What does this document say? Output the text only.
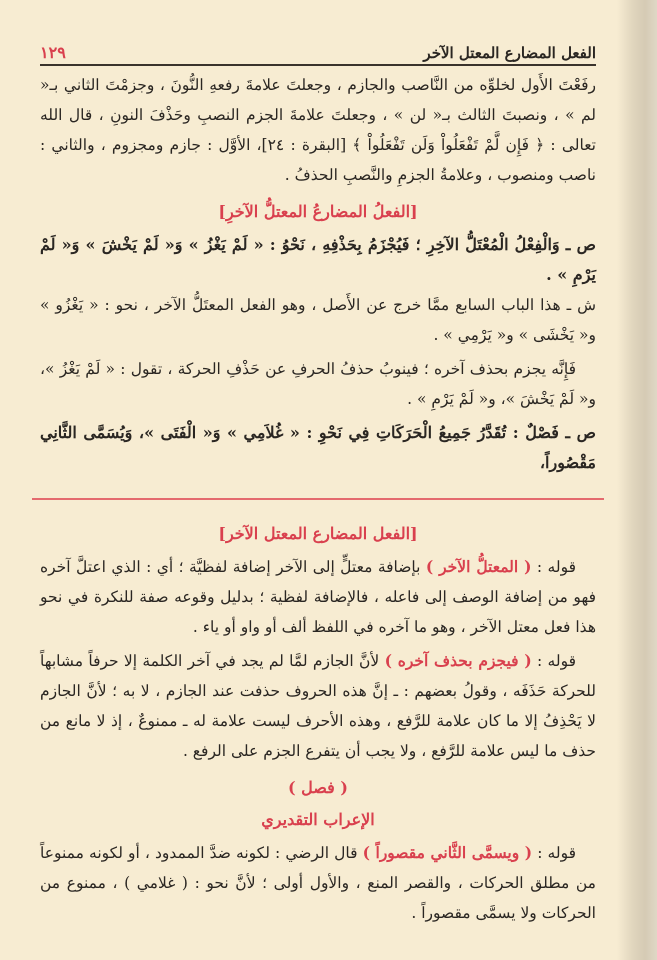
الفعل المضارع المعتل الآخر
١٢٩

رفَعْتَ الأَول لخلوِّه من النَّاصب والجازم ، وجعلتَ علامةَ رفعهِ النُّونَ ، وجزمْتَ الثاني بـ« لم » ، ونصبتَ الثالث بـ« لن » ، وجعلتَ علامةَ الجزم النصبِ وحَذْفَ النونِ ، قال الله تعالى : ﴿ فَإِن لَّمْ تَفْعَلُواْ وَلَن تَفْعَلُواْ ﴾ [البقرة : ٢٤]، الأوَّل : جازم ومجزوم ، والثاني : ناصب ومنصوب ، وعلامةُ الجزمِ والنَّصبِ الحذفُ .

[الفعلُ المضارعُ المعتلُّ الآخرِ]

ص ـ وَالْفِعْلُ الْمُعْتَلُّ الآخِرِ ؛ فَيُجْزَمُ بِحَذْفِهِ ، نَحْوُ : « لَمْ يَغْزُ » وَ« لَمْ يَخْشَ » وَ« لَمْ يَرْمِ » .

ش ـ هذا الباب السابع ممَّا خرج عن الأَصل ، وهو الفعل المعتَلُّ الآخر ، نحو : « يَغْزُو » و« يَخْشَى » و« يَرْمِي » .

فَإِنَّه يجزم بحذف آخره ؛ فينوبُ حذفُ الحرفِ عن حَذْفِ الحركة ، تقول : « لَمْ يَغْزُ »، و« لَمْ يَخْشَ »، و« لَمْ يَرْمِ » .

ص ـ فَصْلٌ : تُقَدَّرُ جَمِيعُ الْحَرَكَاتِ فِي نَحْوِ : « غُلاَمِي » وَ« الْفَتَى »، وَيُسَمَّى الثَّانِي مَقْصُوراً،

[الفعل المضارع المعتل الآخر]

قوله : ( المعتلُّ الآخر ) بإضافة معتلٍّ إلى الآخر إضافة لفظيَّة ؛ أي : الذي اعتلَّ آخره فهو من إضافة الوصف إلى فاعله ، فالإضافة لفظية ؛ بدليل وقوعه صفة للنكرة في نحو هذا فعل معتل الآخر ، وهو ما آخره في اللفظ ألف أو واو أو ياء .

قوله : ( فيجزم بحذف آخره ) لأنَّ الجازم لمَّا لم يجد في آخر الكلمة إلا حرفاً مشابهاً للحركة حَذَفَه ، وقولُ بعضهم : ـ إنَّ هذه الحروف حذفت عند الجازم ، لا به ؛ لأنَّ الجازم لا يَحْذِفُ إلا ما كان علامة للرَّفع ، وهذه الأحرف ليست علامة له ـ ممنوعٌ ، إذ لا مانع من حذف ما ليس علامة للرَّفع ، ولا يجب أن يتفرع الجزم على الرفع .

( فصل )
الإعراب التقديري

قوله : ( ويسمَّى الثَّاني مقصوراً ) قال الرضي : لكونه ضدَّ الممدود ، أو لكونه ممنوعاً من مطلق الحركات ، والقصر المنع ، والأول أولى ؛ لأنَّ نحو : ( غلامي ) ، ممنوع من الحركات ولا يسمَّى مقصوراً .
